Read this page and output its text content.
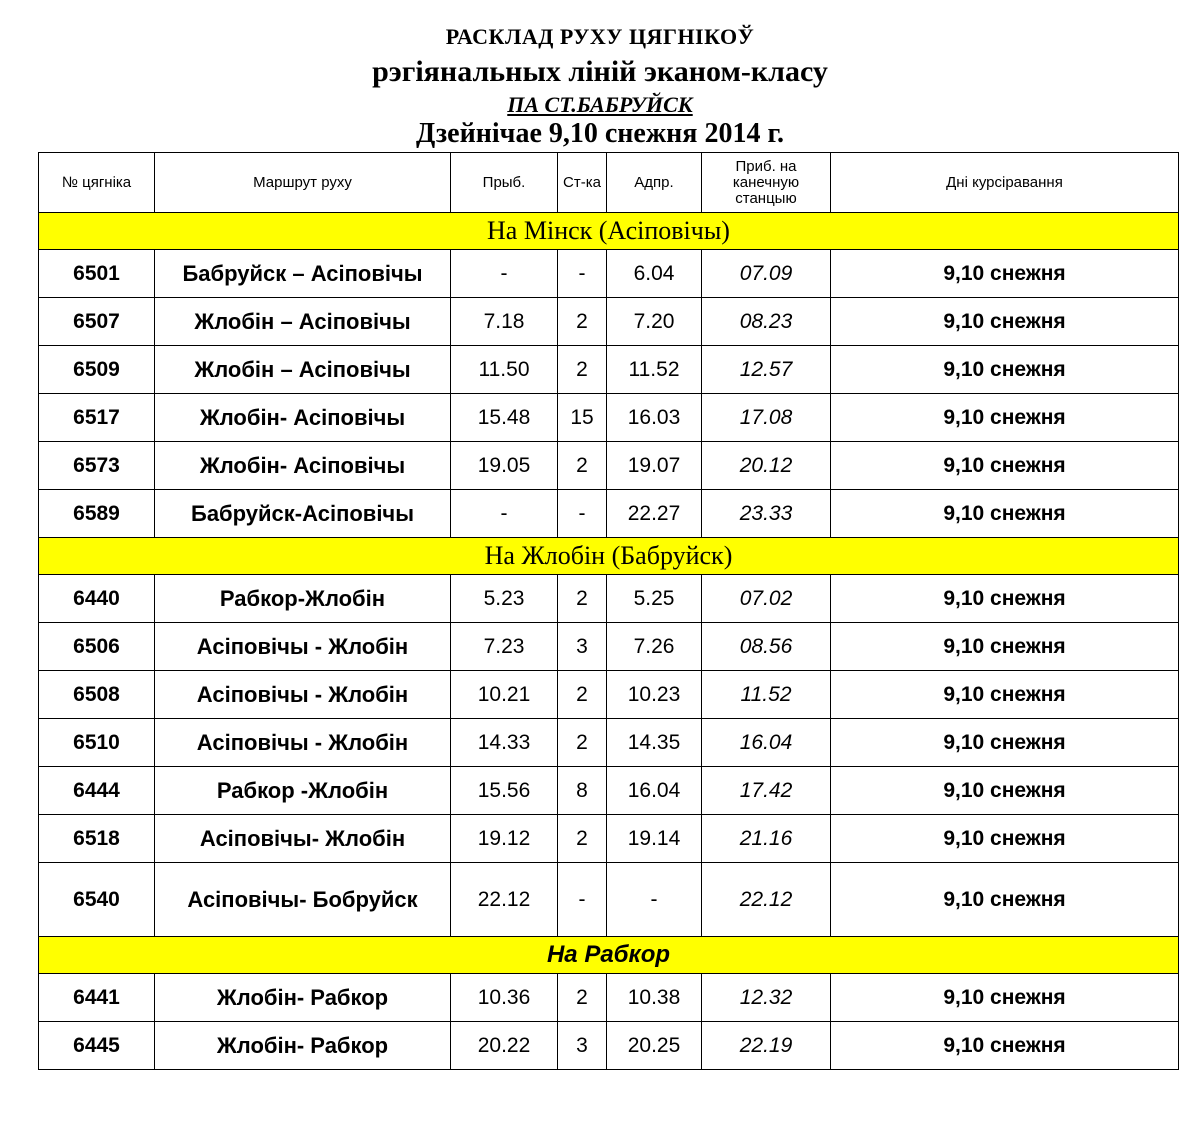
РАСКЛАД РУХУ ЦЯГНІКОЎ
рэгіянальных ліній эканом-класу
ПА СТ.БАБРУЙСК
Дзейнічае 9,10 снежня 2014 г.
№ цягніка	Маршрут руху	Прыб.	Ст-ка	Адпр.	Приб. на канечную станцыю	Дні курсіравання
На Мінск (Асіповічы)						
6501	Бабруйск – Асіповічы	-	-	6.04	07.09	9,10 снежня
6507	Жлобін – Асіповічы	7.18	2	7.20	08.23	9,10 снежня
6509	Жлобін – Асіповічы	11.50	2	11.52	12.57	9,10 снежня
6517	Жлобін- Асіповічы	15.48	15	16.03	17.08	9,10 снежня
6573	Жлобін- Асіповічы	19.05	2	19.07	20.12	9,10 снежня
6589	Бабруйск-Асіповічы	-	-	22.27	23.33	9,10 снежня
На Жлобін (Бабруйск)						
6440	Рабкор-Жлобін	5.23	2	5.25	07.02	9,10 снежня
6506	Асіповічы - Жлобін	7.23	3	7.26	08.56	9,10 снежня
6508	Асіповічы - Жлобін	10.21	2	10.23	11.52	9,10 снежня
6510	Асіповічы - Жлобін	14.33	2	14.35	16.04	9,10 снежня
6444	Рабкор -Жлобін	15.56	8	16.04	17.42	9,10 снежня
6518	Асіповічы- Жлобін	19.12	2	19.14	21.16	9,10 снежня
6540	Асіповічы- Бобруйск	22.12	-	-	22.12	9,10 снежня
На Рабкор						
6441	Жлобін- Рабкор	10.36	2	10.38	12.32	9,10 снежня
6445	Жлобін- Рабкор	20.22	3	20.25	22.19	9,10 снежня
